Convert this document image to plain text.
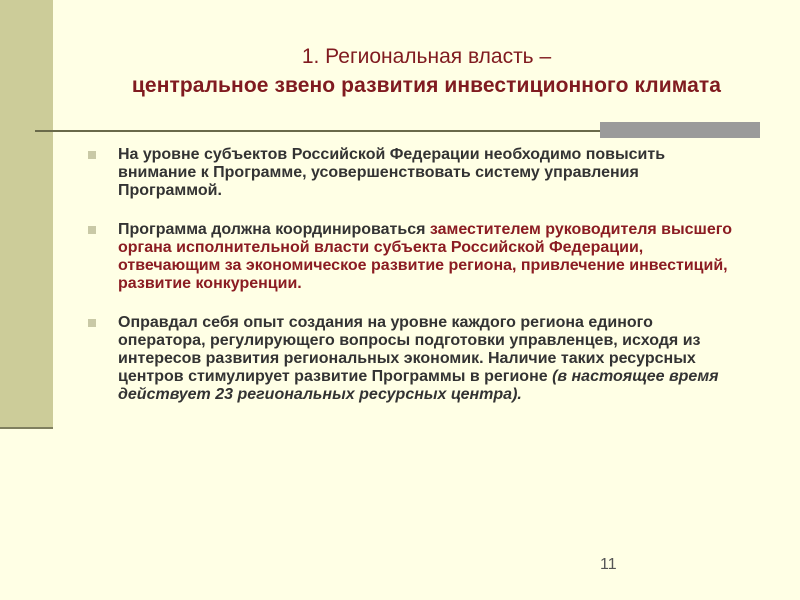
1. Региональная власть –
центральное звено развития инвестиционного климата
На уровне субъектов Российской Федерации необходимо повысить внимание к Программе, усовершенствовать систему управления Программой.
Программа должна координироваться заместителем руководителя высшего органа исполнительной власти субъекта Российской Федерации, отвечающим за экономическое развитие региона, привлечение инвестиций, развитие конкуренции.
Оправдал себя опыт создания на уровне каждого региона единого оператора, регулирующего вопросы подготовки управленцев, исходя из интересов развития региональных экономик. Наличие таких ресурсных центров стимулирует развитие Программы в регионе (в настоящее время действует 23 региональных ресурсных центра).
11
